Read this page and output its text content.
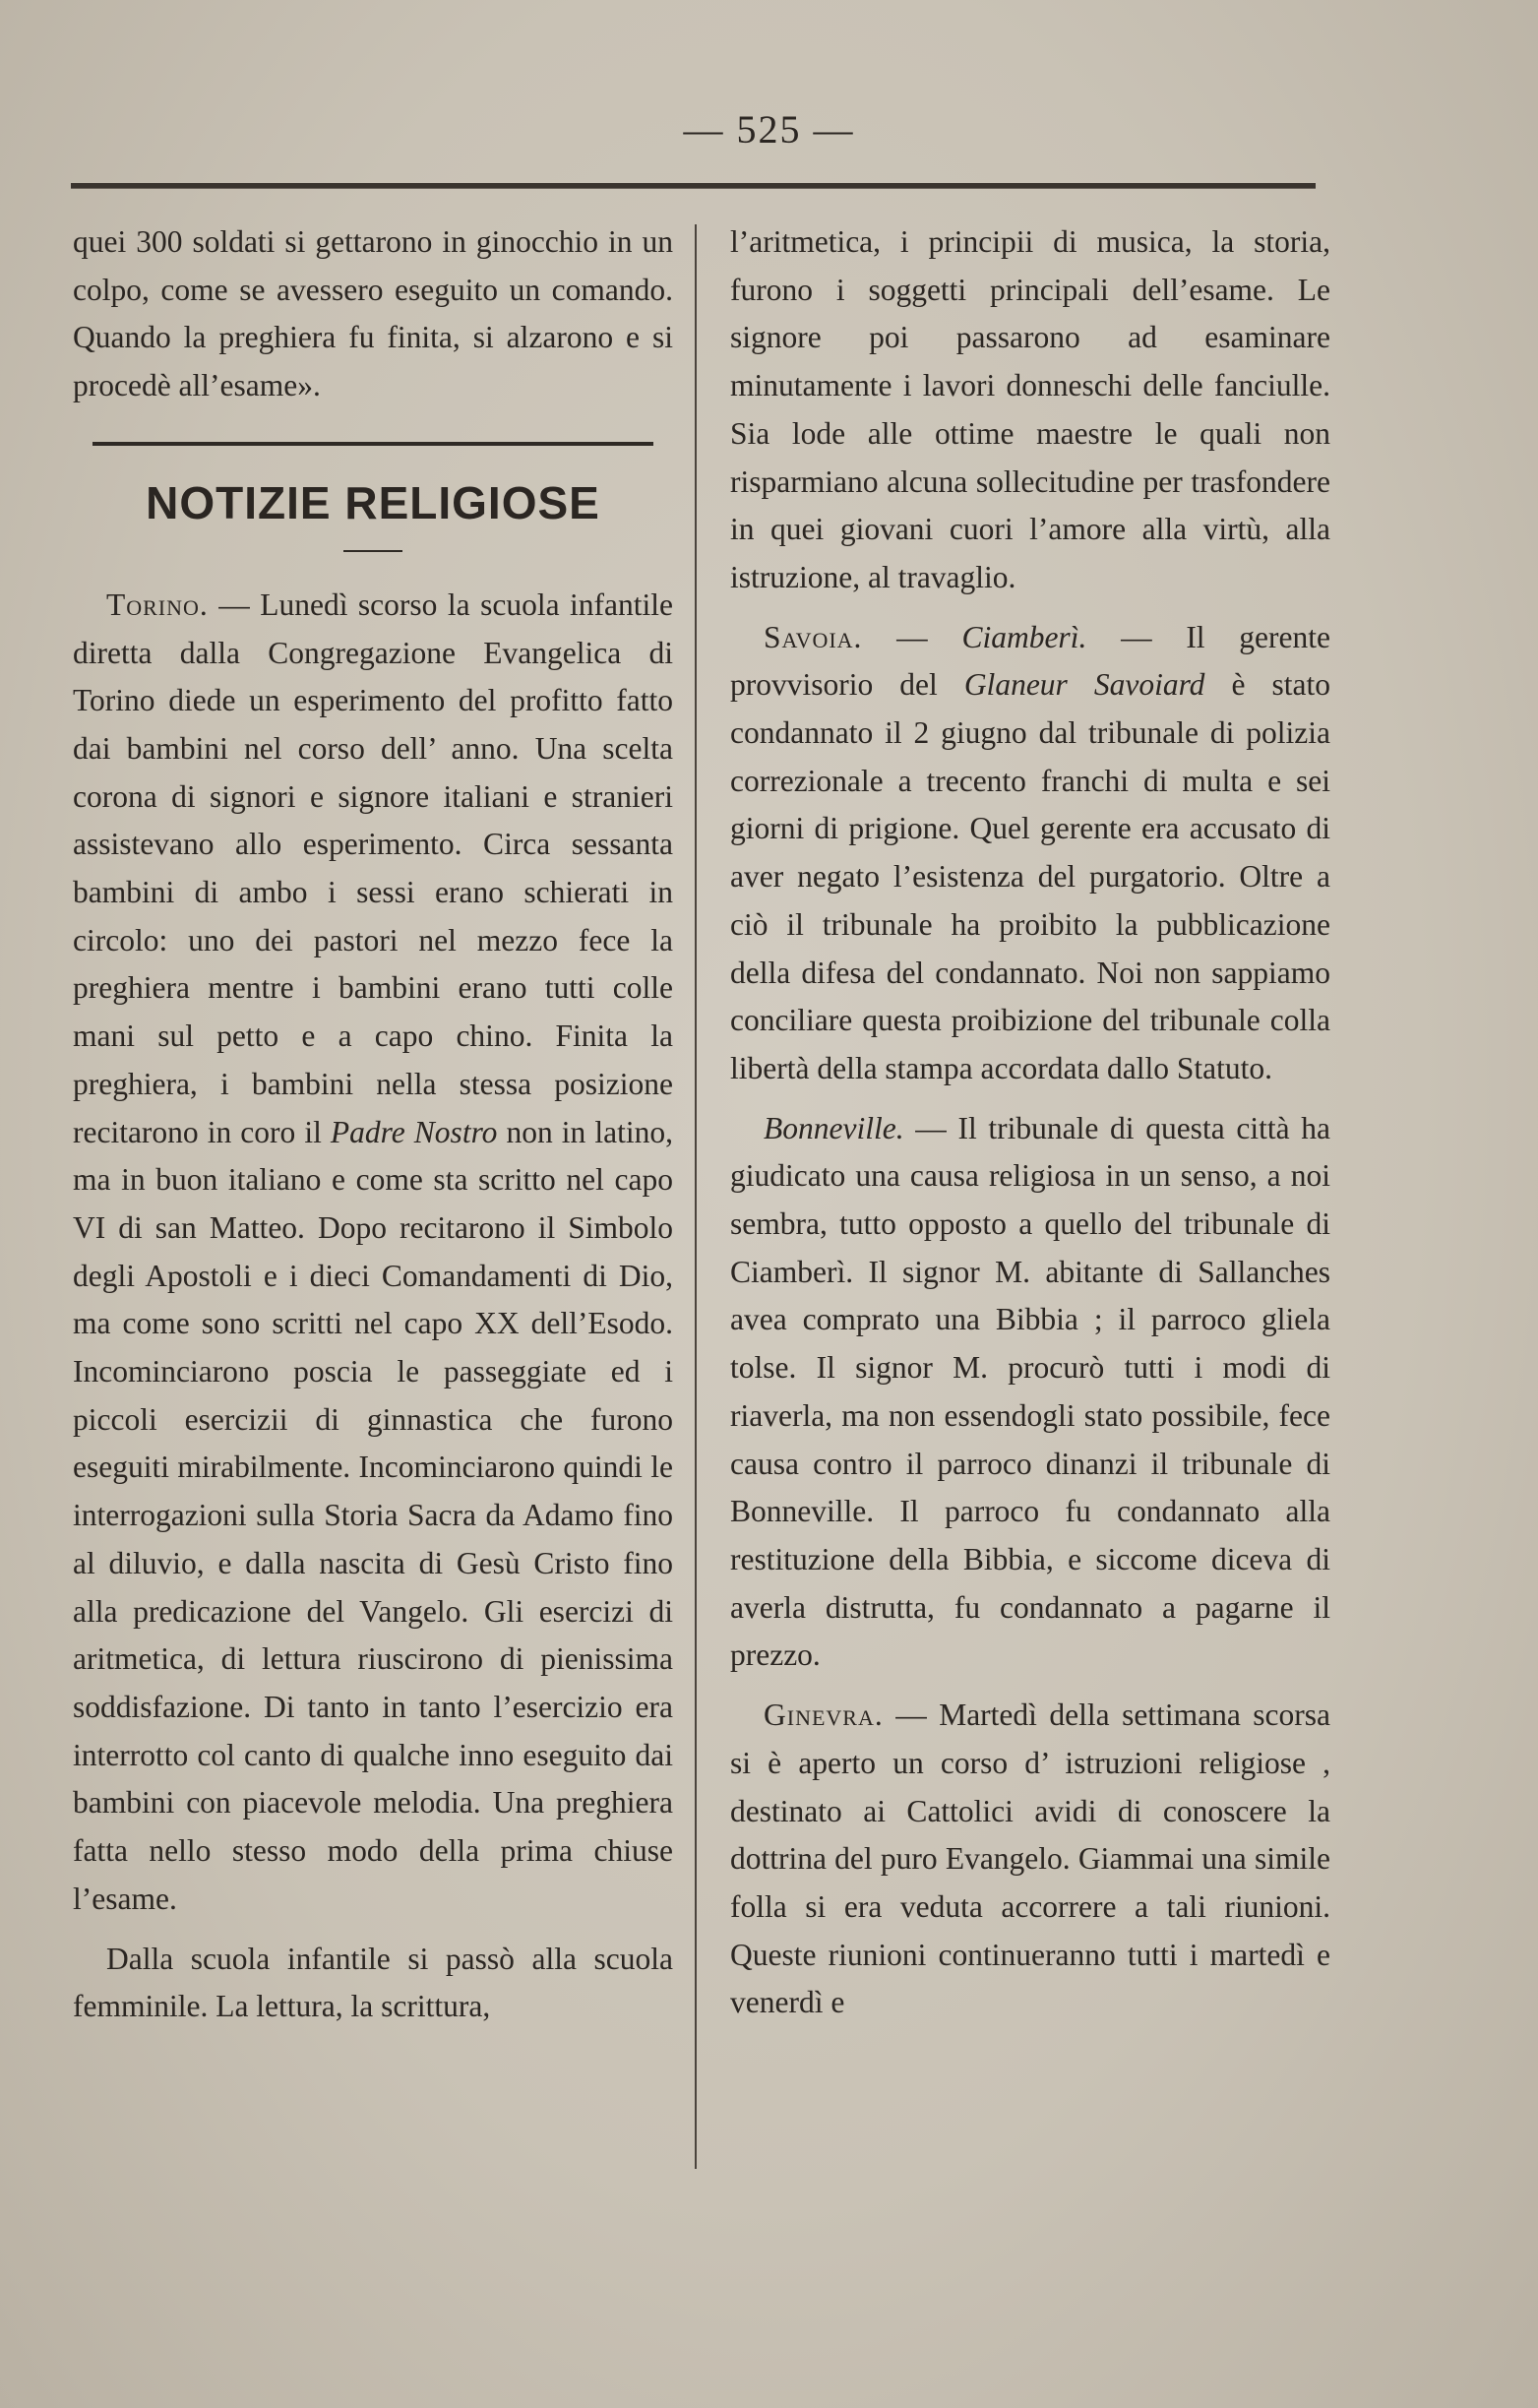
— 525 —

quei 300 soldati si gettarono in ginocchio in un colpo, come se avessero eseguito un comando. Quando la preghiera fu finita, si alzarono e si procedè all’esame».

NOTIZIE RELIGIOSE

Torino. — Lunedì scorso la scuola infantile diretta dalla Congregazione Evangelica di Torino diede un esperimento del profitto fatto dai bambini nel corso dell’ anno. Una scelta corona di signori e signore italiani e stranieri assistevano allo esperimento. Circa sessanta bambini di ambo i sessi erano schierati in circolo: uno dei pastori nel mezzo fece la preghiera mentre i bambini erano tutti colle mani sul petto e a capo chino. Finita la preghiera, i bambini nella stessa posizione recitarono in coro il Padre Nostro non in latino, ma in buon italiano e come sta scritto nel capo VI di san Matteo. Dopo recitarono il Simbolo degli Apostoli e i dieci Comandamenti di Dio, ma come sono scritti nel capo XX dell’Esodo. Incominciarono poscia le passeggiate ed i piccoli esercizii di ginnastica che furono eseguiti mirabilmente. Incominciarono quindi le interrogazioni sulla Storia Sacra da Adamo fino al diluvio, e dalla nascita di Gesù Cristo fino alla predicazione del Vangelo. Gli esercizi di aritmetica, di lettura riuscirono di pienissima soddisfazione. Di tanto in tanto l’esercizio era interrotto col canto di qualche inno eseguito dai bambini con piacevole melodia. Una preghiera fatta nello stesso modo della prima chiuse l’esame.

Dalla scuola infantile si passò alla scuola femminile. La lettura, la scrittura,

l’aritmetica, i principii di musica, la storia, furono i soggetti principali dell’esame. Le signore poi passarono ad esaminare minutamente i lavori donneschi delle fanciulle. Sia lode alle ottime maestre le quali non risparmiano alcuna sollecitudine per trasfondere in quei giovani cuori l’amore alla virtù, alla istruzione, al travaglio.

Savoia. — Ciamberì. — Il gerente provvisorio del Glaneur Savoiard è stato condannato il 2 giugno dal tribunale di polizia correzionale a trecento franchi di multa e sei giorni di prigione. Quel gerente era accusato di aver negato l’esistenza del purgatorio. Oltre a ciò il tribunale ha proibito la pubblicazione della difesa del condannato. Noi non sappiamo conciliare questa proibizione del tribunale colla libertà della stampa accordata dallo Statuto.

Bonneville. — Il tribunale di questa città ha giudicato una causa religiosa in un senso, a noi sembra, tutto opposto a quello del tribunale di Ciamberì. Il signor M. abitante di Sallanches avea comprato una Bibbia ; il parroco gliela tolse. Il signor M. procurò tutti i modi di riaverla, ma non essendogli stato possibile, fece causa contro il parroco dinanzi il tribunale di Bonneville. Il parroco fu condannato alla restituzione della Bibbia, e siccome diceva di averla distrutta, fu condannato a pagarne il prezzo.

Ginevra. — Martedì della settimana scorsa si è aperto un corso d’ istruzioni religiose , destinato ai Cattolici avidi di conoscere la dottrina del puro Evangelo. Giammai una simile folla si era veduta accorrere a tali riunioni. Queste riunioni continueranno tutti i martedì e venerdì e
